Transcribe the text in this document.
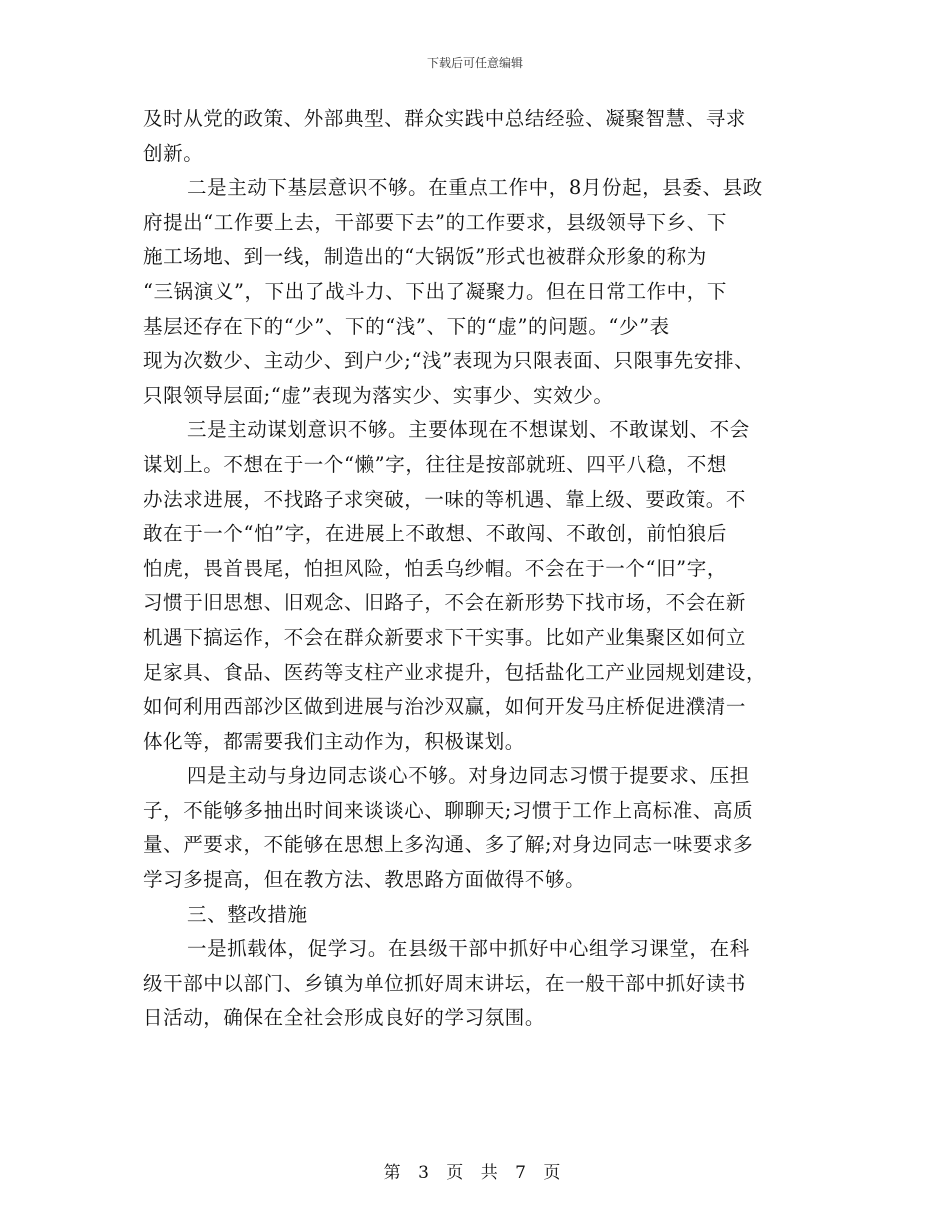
下载后可任意编辑
及时从党的政策、外部典型、群众实践中总结经验、凝聚智慧、寻求
创新。
二是主动下基层意识不够。在重点工作中，8月份起，县委、县政
府提出“工作要上去，干部要下去”的工作要求，县级领导下乡、下
施工场地、到一线，制造出的“大锅饭”形式也被群众形象的称为
“三锅演义”，下出了战斗力、下出了凝聚力。但在日常工作中，下
基层还存在下的“少”、下的“浅”、下的“虚”的问题。“少”表
现为次数少、主动少、到户少;“浅”表现为只限表面、只限事先安排、
只限领导层面;“虚”表现为落实少、实事少、实效少。
三是主动谋划意识不够。主要体现在不想谋划、不敢谋划、不会
谋划上。不想在于一个“懒”字，往往是按部就班、四平八稳，不想
办法求进展，不找路子求突破，一味的等机遇、靠上级、要政策。不
敢在于一个“怕”字，在进展上不敢想、不敢闯、不敢创，前怕狼后
怕虎，畏首畏尾，怕担风险，怕丢乌纱帽。不会在于一个“旧”字，
习惯于旧思想、旧观念、旧路子，不会在新形势下找市场，不会在新
机遇下搞运作，不会在群众新要求下干实事。比如产业集聚区如何立
足家具、食品、医药等支柱产业求提升，包括盐化工产业园规划建设，
如何利用西部沙区做到进展与治沙双赢，如何开发马庄桥促进濮清一
体化等，都需要我们主动作为，积极谋划。
四是主动与身边同志谈心不够。对身边同志习惯于提要求、压担
子，不能够多抽出时间来谈谈心、聊聊天;习惯于工作上高标准、高质
量、严要求，不能够在思想上多沟通、多了解;对身边同志一味要求多
学习多提高，但在教方法、教思路方面做得不够。
三、整改措施
一是抓载体，促学习。在县级干部中抓好中心组学习课堂，在科
级干部中以部门、乡镇为单位抓好周末讲坛，在一般干部中抓好读书
日活动，确保在全社会形成良好的学习氛围。
第 3 页 共 7 页
